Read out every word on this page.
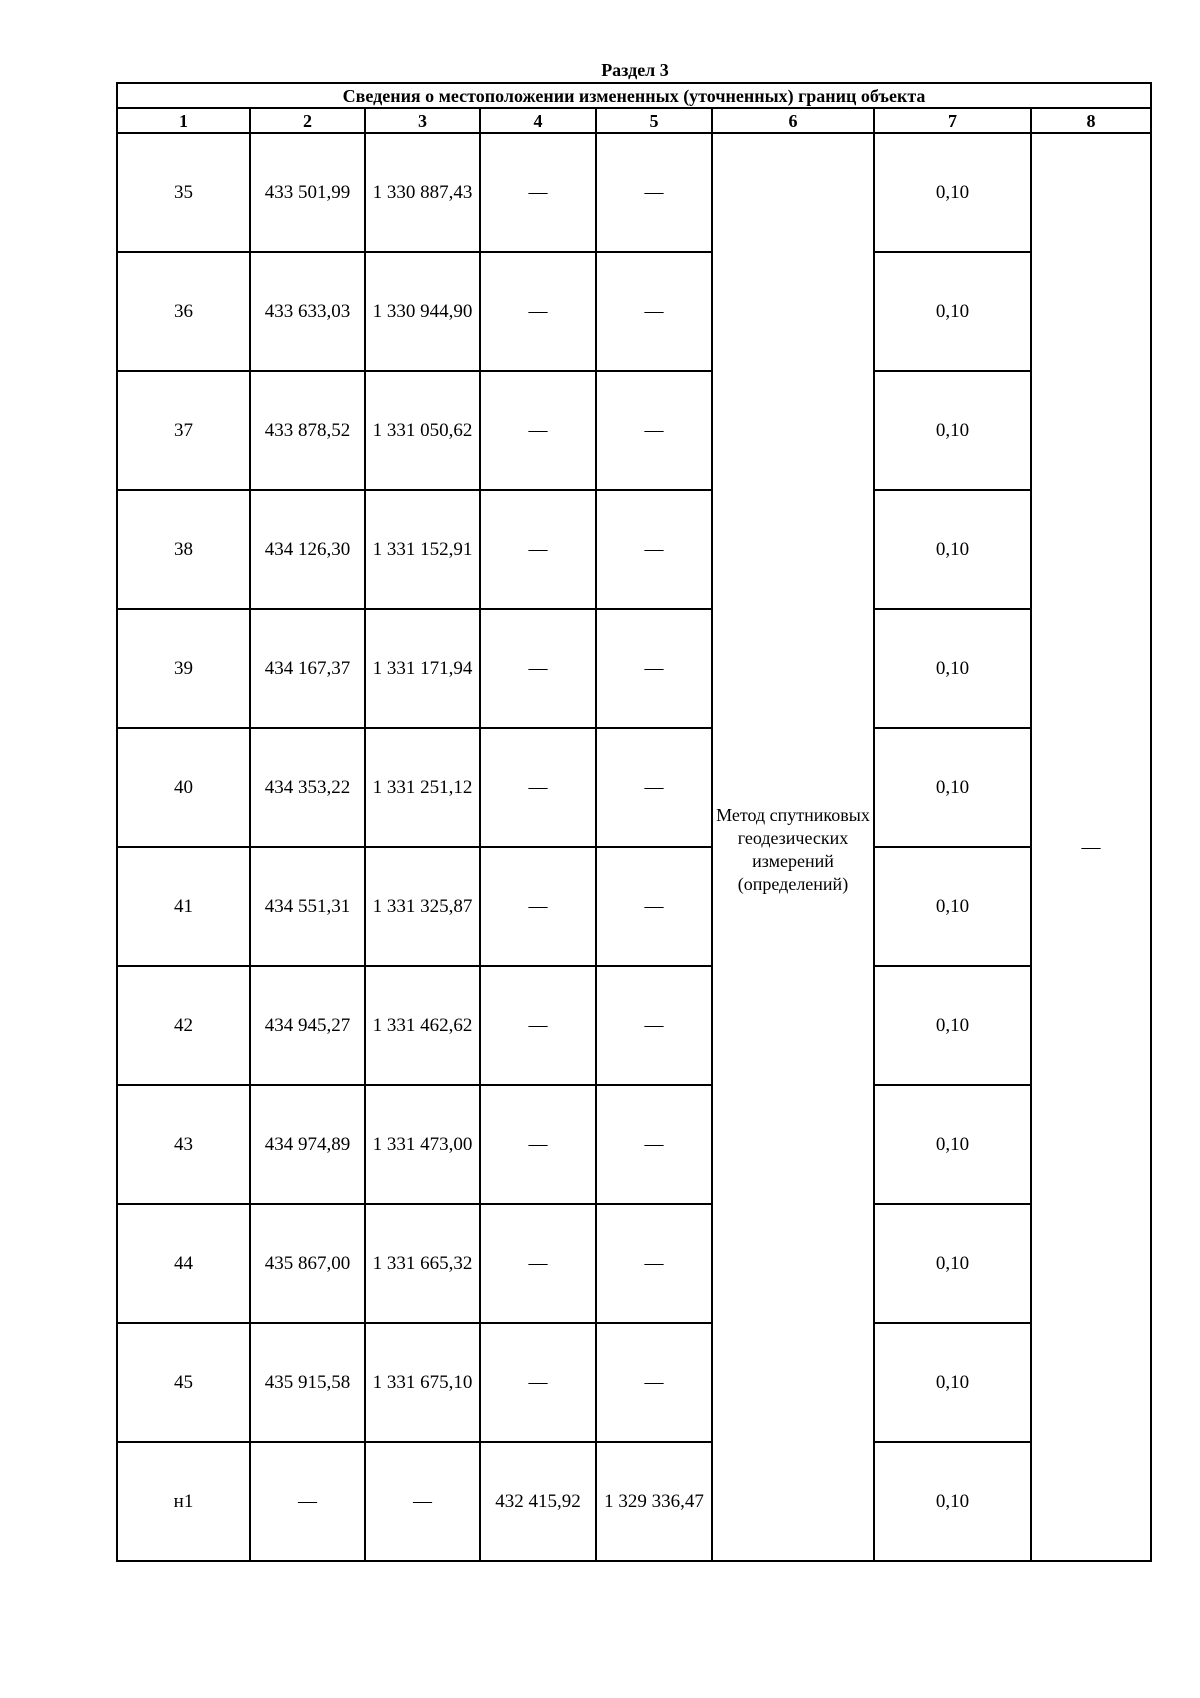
Раздел 3
Сведения о местоположении измененных (уточненных) границ объекта							
1	2	3	4	5	6	7	8
35	433 501,99	1 330 887,43	—	—	Метод спутниковых геодезических измерений (определений)	0,10	—
36	433 633,03	1 330 944,90	—	—		0,10	
37	433 878,52	1 331 050,62	—	—		0,10	
38	434 126,30	1 331 152,91	—	—		0,10	
39	434 167,37	1 331 171,94	—	—		0,10	
40	434 353,22	1 331 251,12	—	—		0,10	
41	434 551,31	1 331 325,87	—	—		0,10	
42	434 945,27	1 331 462,62	—	—		0,10	
43	434 974,89	1 331 473,00	—	—		0,10	
44	435 867,00	1 331 665,32	—	—		0,10	
45	435 915,58	1 331 675,10	—	—		0,10	
н1	—	—	432 415,92	1 329 336,47		0,10	
